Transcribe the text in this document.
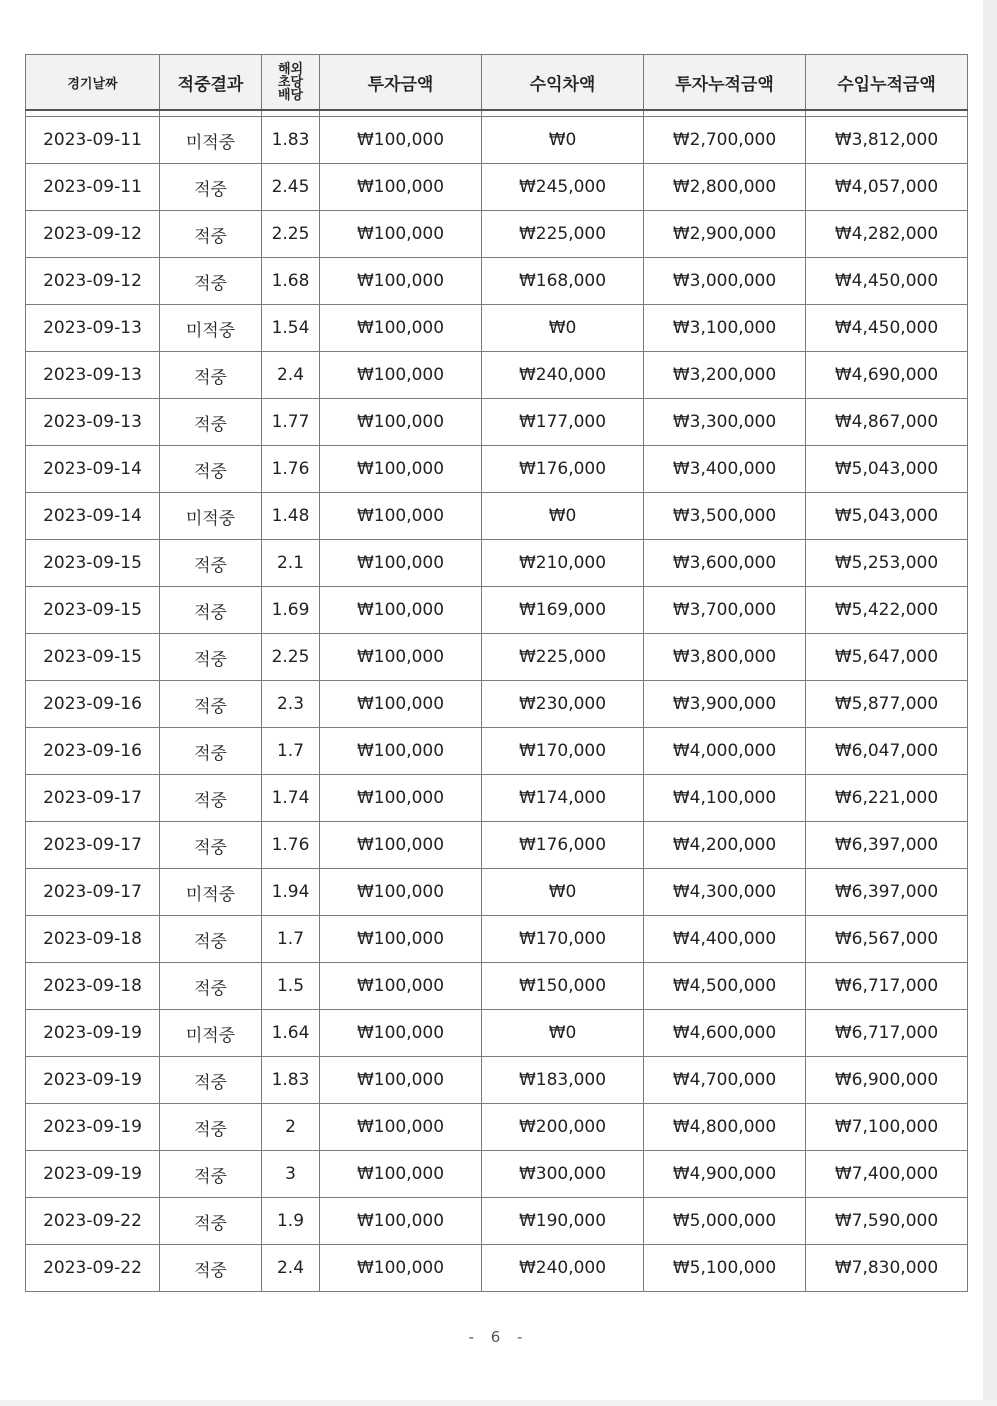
경기날짜	적중결과	해외
초당
배당	투자금액	수익차액	투자누적금액	수입누적금액

2023-09-11	미적중	1.83	₩100,000	₩0	₩2,700,000	₩3,812,000
2023-09-11	적중	2.45	₩100,000	₩245,000	₩2,800,000	₩4,057,000
2023-09-12	적중	2.25	₩100,000	₩225,000	₩2,900,000	₩4,282,000
2023-09-12	적중	1.68	₩100,000	₩168,000	₩3,000,000	₩4,450,000
2023-09-13	미적중	1.54	₩100,000	₩0	₩3,100,000	₩4,450,000
2023-09-13	적중	2.4	₩100,000	₩240,000	₩3,200,000	₩4,690,000
2023-09-13	적중	1.77	₩100,000	₩177,000	₩3,300,000	₩4,867,000
2023-09-14	적중	1.76	₩100,000	₩176,000	₩3,400,000	₩5,043,000
2023-09-14	미적중	1.48	₩100,000	₩0	₩3,500,000	₩5,043,000
2023-09-15	적중	2.1	₩100,000	₩210,000	₩3,600,000	₩5,253,000
2023-09-15	적중	1.69	₩100,000	₩169,000	₩3,700,000	₩5,422,000
2023-09-15	적중	2.25	₩100,000	₩225,000	₩3,800,000	₩5,647,000
2023-09-16	적중	2.3	₩100,000	₩230,000	₩3,900,000	₩5,877,000
2023-09-16	적중	1.7	₩100,000	₩170,000	₩4,000,000	₩6,047,000
2023-09-17	적중	1.74	₩100,000	₩174,000	₩4,100,000	₩6,221,000
2023-09-17	적중	1.76	₩100,000	₩176,000	₩4,200,000	₩6,397,000
2023-09-17	미적중	1.94	₩100,000	₩0	₩4,300,000	₩6,397,000
2023-09-18	적중	1.7	₩100,000	₩170,000	₩4,400,000	₩6,567,000
2023-09-18	적중	1.5	₩100,000	₩150,000	₩4,500,000	₩6,717,000
2023-09-19	미적중	1.64	₩100,000	₩0	₩4,600,000	₩6,717,000
2023-09-19	적중	1.83	₩100,000	₩183,000	₩4,700,000	₩6,900,000
2023-09-19	적중	2	₩100,000	₩200,000	₩4,800,000	₩7,100,000
2023-09-19	적중	3	₩100,000	₩300,000	₩4,900,000	₩7,400,000
2023-09-22	적중	1.9	₩100,000	₩190,000	₩5,000,000	₩7,590,000
2023-09-22	적중	2.4	₩100,000	₩240,000	₩5,100,000	₩7,830,000
- 6 -
